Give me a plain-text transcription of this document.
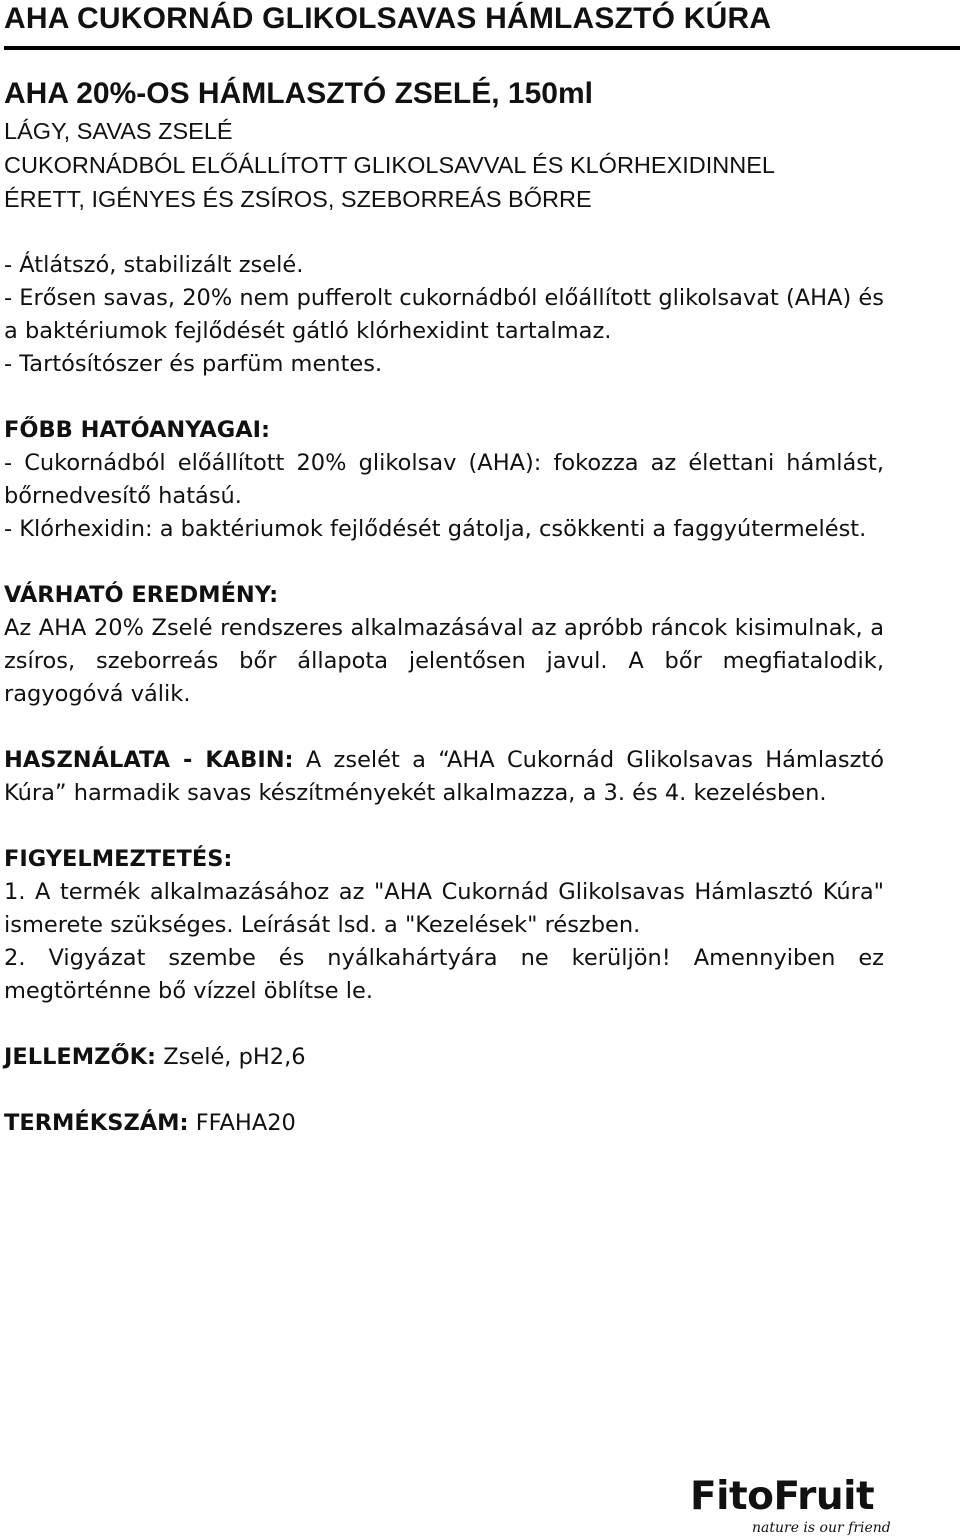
AHA CUKORNÁD GLIKOLSAVAS HÁMLASZTÓ KÚRA
AHA 20%-OS HÁMLASZTÓ ZSELÉ, 150ml
LÁGY, SAVAS ZSELÉ
CUKORNÁDBÓL ELŐÁLLÍTOTT GLIKOLSAVVAL ÉS KLÓRHEXIDINNEL
ÉRETT, IGÉNYES ÉS ZSÍROS, SZEBORREÁS BŐRRE
- Átlátszó, stabilizált zselé.
- Erősen savas, 20% nem pufferolt cukornádból előállított glikolsavat (AHA) és a baktériumok fejlődését gátló klórhexidint tartalmaz.
- Tartósítószer és parfüm mentes.
FŐBB HATÓANYAGAI:
- Cukornádból előállított 20% glikolsav (AHA): fokozza az élettani hámlást, bőrnedvesítő hatású.
- Klórhexidin: a baktériumok fejlődését gátolja, csökkenti a faggyútermelést.
VÁRHATÓ EREDMÉNY:
Az AHA 20% Zselé rendszeres alkalmazásával az apróbb ráncok kisimulnak, a zsíros, szeborreás bőr állapota jelentősen javul. A bőr megfiatalodik, ragyogóvá válik.
HASZNÁLATA - KABIN: A zselét a “AHA Cukornád Glikolsavas Hámlasztó Kúra” harmadik savas készítményekét alkalmazza, a 3. és 4. kezelésben.
FIGYELMEZTETÉS:
1. A termék alkalmazásához az "AHA Cukornád Glikolsavas Hámlasztó Kúra" ismerete szükséges. Leírását lsd. a "Kezelések" részben.
2. Vigyázat szembe és nyálkahártyára ne kerüljön! Amennyiben ez megtörténne bő vízzel öblítse le.
JELLEMZŐK: Zselé, pH2,6
TERMÉKSZÁM: FFAHA20
FitoFruit
nature is our friend
